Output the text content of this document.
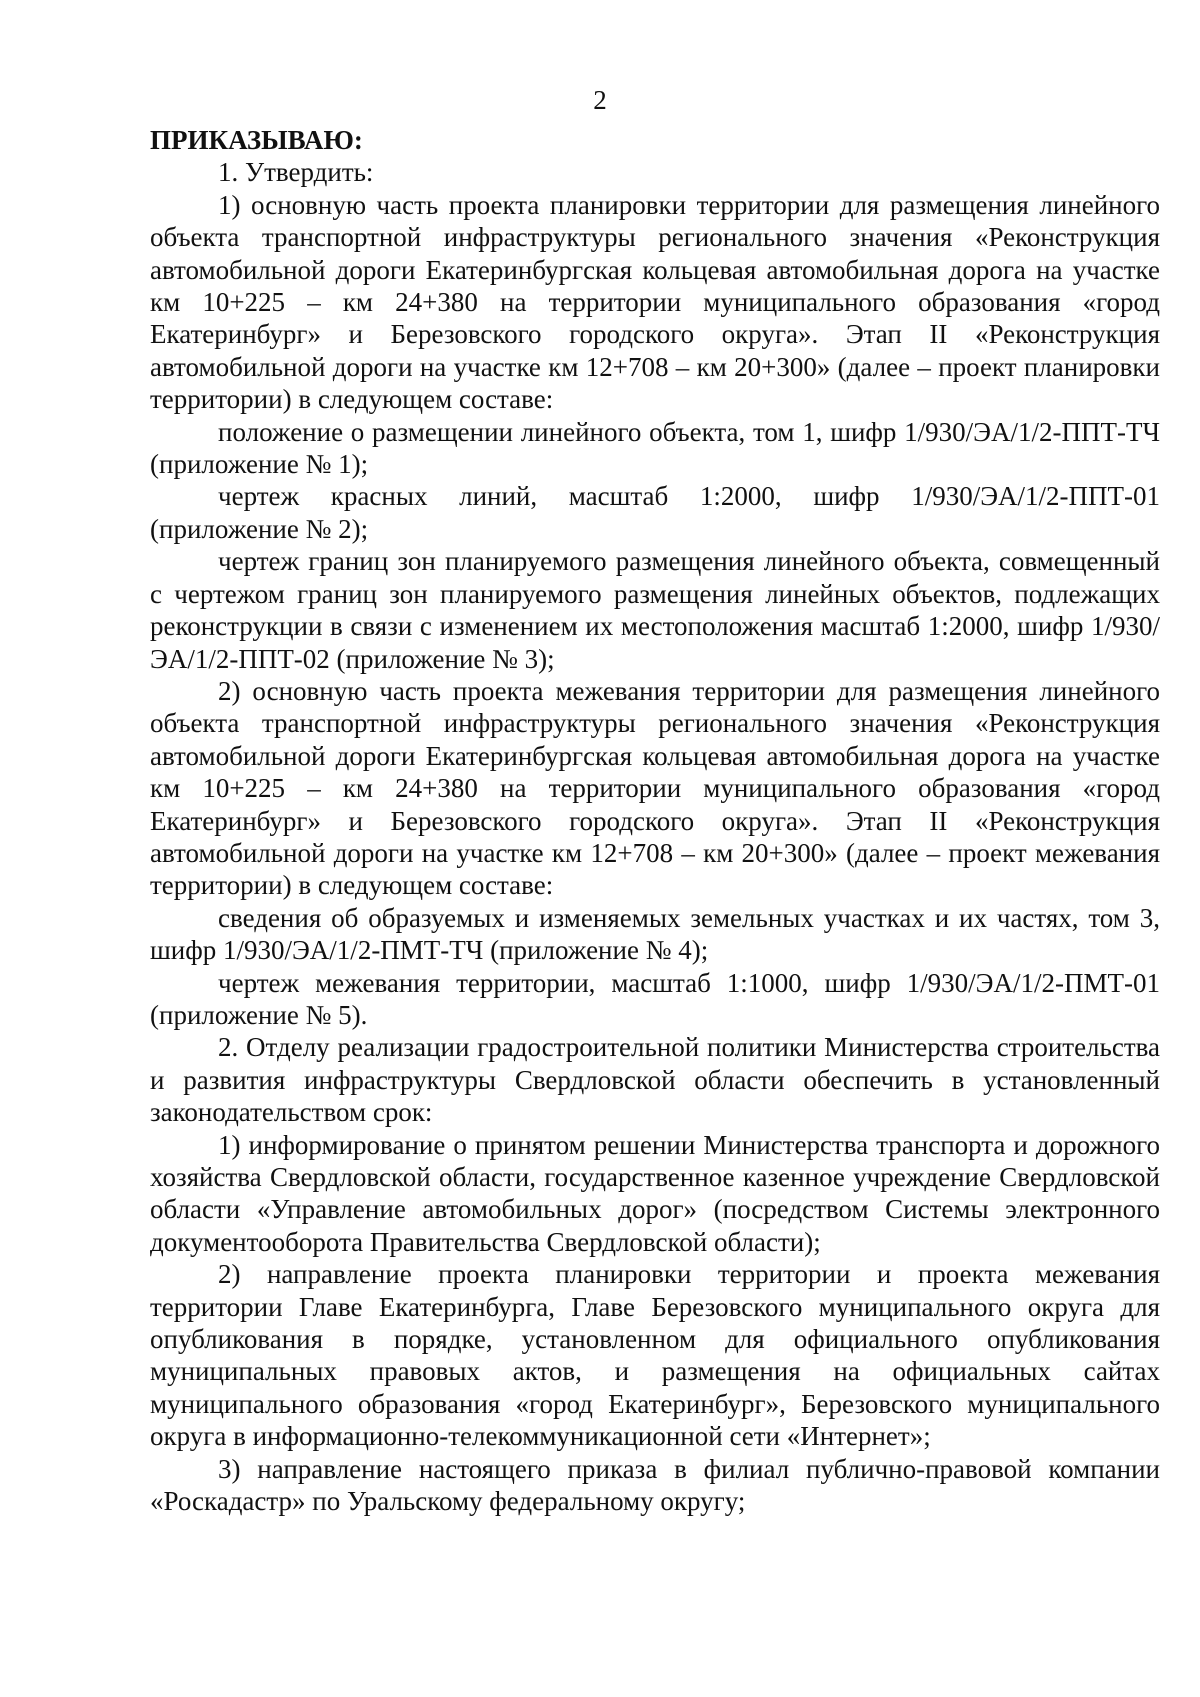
2

ПРИКАЗЫВАЮ:

1. Утвердить:

1) основную часть проекта планировки территории для размещения линейного объекта транспортной инфраструктуры регионального значения «Реконструкция автомобильной дороги Екатеринбургская кольцевая автомобильная дорога на участке км 10+225 – км 24+380 на территории муниципального образования «город Екатеринбург» и Березовского городского округа». Этап II «Реконструкция автомобильной дороги на участке км 12+708 – км 20+300» (далее – проект планировки территории) в следующем составе:

положение о размещении линейного объекта, том 1, шифр 1/930/ЭА/1/2-ППТ-ТЧ (приложение № 1);

чертеж красных линий, масштаб 1:2000, шифр 1/930/ЭА/1/2-ППТ-01 (приложение № 2);

чертеж границ зон планируемого размещения линейного объекта, совмещенный с чертежом границ зон планируемого размещения линейных объектов, подлежащих реконструкции в связи с изменением их местоположения масштаб 1:2000, шифр 1/930/ЭА/1/2-ППТ-02 (приложение № 3);

2) основную часть проекта межевания территории для размещения линейного объекта транспортной инфраструктуры регионального значения «Реконструкция автомобильной дороги Екатеринбургская кольцевая автомобильная дорога на участке км 10+225 – км 24+380 на территории муниципального образования «город Екатеринбург» и Березовского городского округа». Этап II «Реконструкция автомобильной дороги на участке км 12+708 – км 20+300» (далее – проект межевания территории) в следующем составе:

сведения об образуемых и изменяемых земельных участках и их частях, том 3, шифр 1/930/ЭА/1/2-ПМТ-ТЧ (приложение № 4);

чертеж межевания территории, масштаб 1:1000, шифр 1/930/ЭА/1/2-ПМТ-01 (приложение № 5).

2. Отделу реализации градостроительной политики Министерства строительства и развития инфраструктуры Свердловской области обеспечить в установленный законодательством срок:

1) информирование о принятом решении Министерства транспорта и дорожного хозяйства Свердловской области, государственное казенное учреждение Свердловской области «Управление автомобильных дорог» (посредством Системы электронного документооборота Правительства Свердловской области);

2) направление проекта планировки территории и проекта межевания территории Главе Екатеринбурга, Главе Березовского муниципального округа для опубликования в порядке, установленном для официального опубликования муниципальных правовых актов, и размещения на официальных сайтах муниципального образования «город Екатеринбург», Березовского муниципального округа в информационно-телекоммуникационной сети «Интернет»;

3) направление настоящего приказа в филиал публично-правовой компании «Роскадастр» по Уральскому федеральному округу;
